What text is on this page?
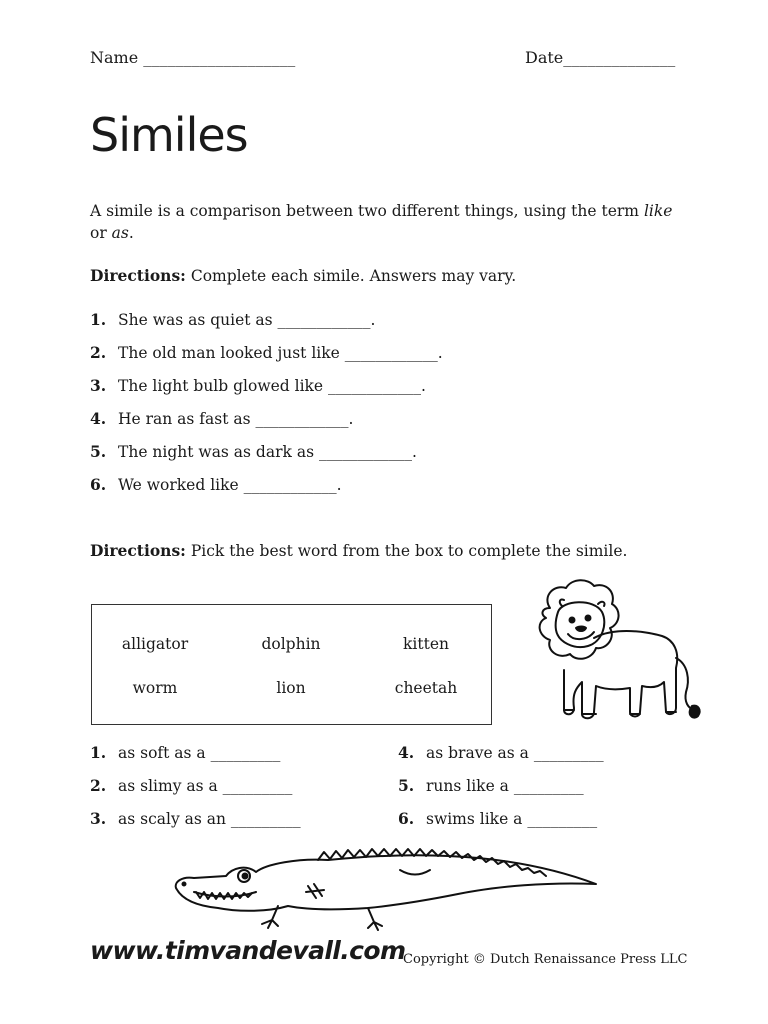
Name ___________________	Date______________
Similes
A simile is a comparison between two different things, using the term like or as.
Directions: Complete each simile. Answers may vary.
1. She was as quiet as ____________.
2. The old man looked just like ____________.
3. The light bulb glowed like ____________.
4. He ran as fast as ____________.
5. The night was as dark as ____________.
6. We worked like ____________.
Directions: Pick the best word from the box to complete the simile.
alligator	dolphin	kitten
worm	lion	cheetah
1. as soft as a _________
2. as slimy as a _________
3. as scaly as an _________
4. as brave as a _________
5. runs like a _________
6. swims like a _________
www.timvandevall.com
Copyright © Dutch Renaissance Press LLC
